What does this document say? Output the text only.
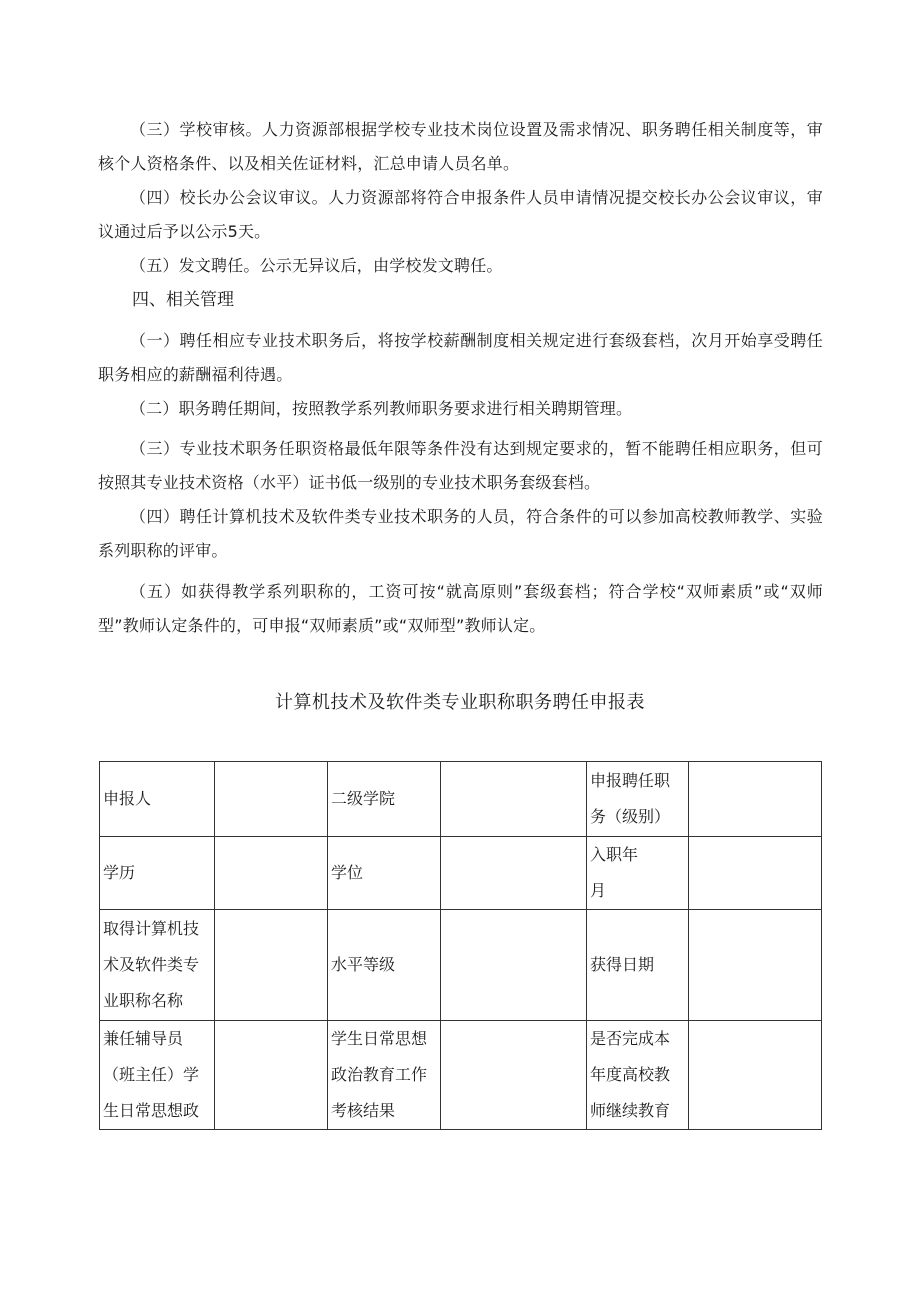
（三）学校审核。人力资源部根据学校专业技术岗位设置及需求情况、职务聘任相关制度等，审核个人资格条件、以及相关佐证材料，汇总申请人员名单。

（四）校长办公会议审议。人力资源部将符合申报条件人员申请情况提交校长办公会议审议，审议通过后予以公示5天。

（五）发文聘任。公示无异议后，由学校发文聘任。

四、相关管理

（一）聘任相应专业技术职务后，将按学校薪酬制度相关规定进行套级套档，次月开始享受聘任职务相应的薪酬福利待遇。

（二）职务聘任期间，按照教学系列教师职务要求进行相关聘期管理。

（三）专业技术职务任职资格最低年限等条件没有达到规定要求的，暂不能聘任相应职务，但可按照其专业技术资格（水平）证书低一级别的专业技术职务套级套档。

（四）聘任计算机技术及软件类专业技术职务的人员，符合条件的可以参加高校教师教学、实验系列职称的评审。

（五）如获得教学系列职称的，工资可按“就高原则”套级套档；符合学校“双师素质”或“双师型”教师认定条件的，可申报“双师素质”或“双师型”教师认定。

计算机技术及软件类专业职称职务聘任申报表

申报人		二级学院		申报聘任职
务（级别）	

学历		学位		入职年
月	

取得计算机技
术及软件类专
业职称名称		水平等级		获得日期	

兼任辅导员
（班主任）学
生日常思想政		学生日常思想
政治教育工作
考核结果		是否完成本
年度高校教
师继续教育	
